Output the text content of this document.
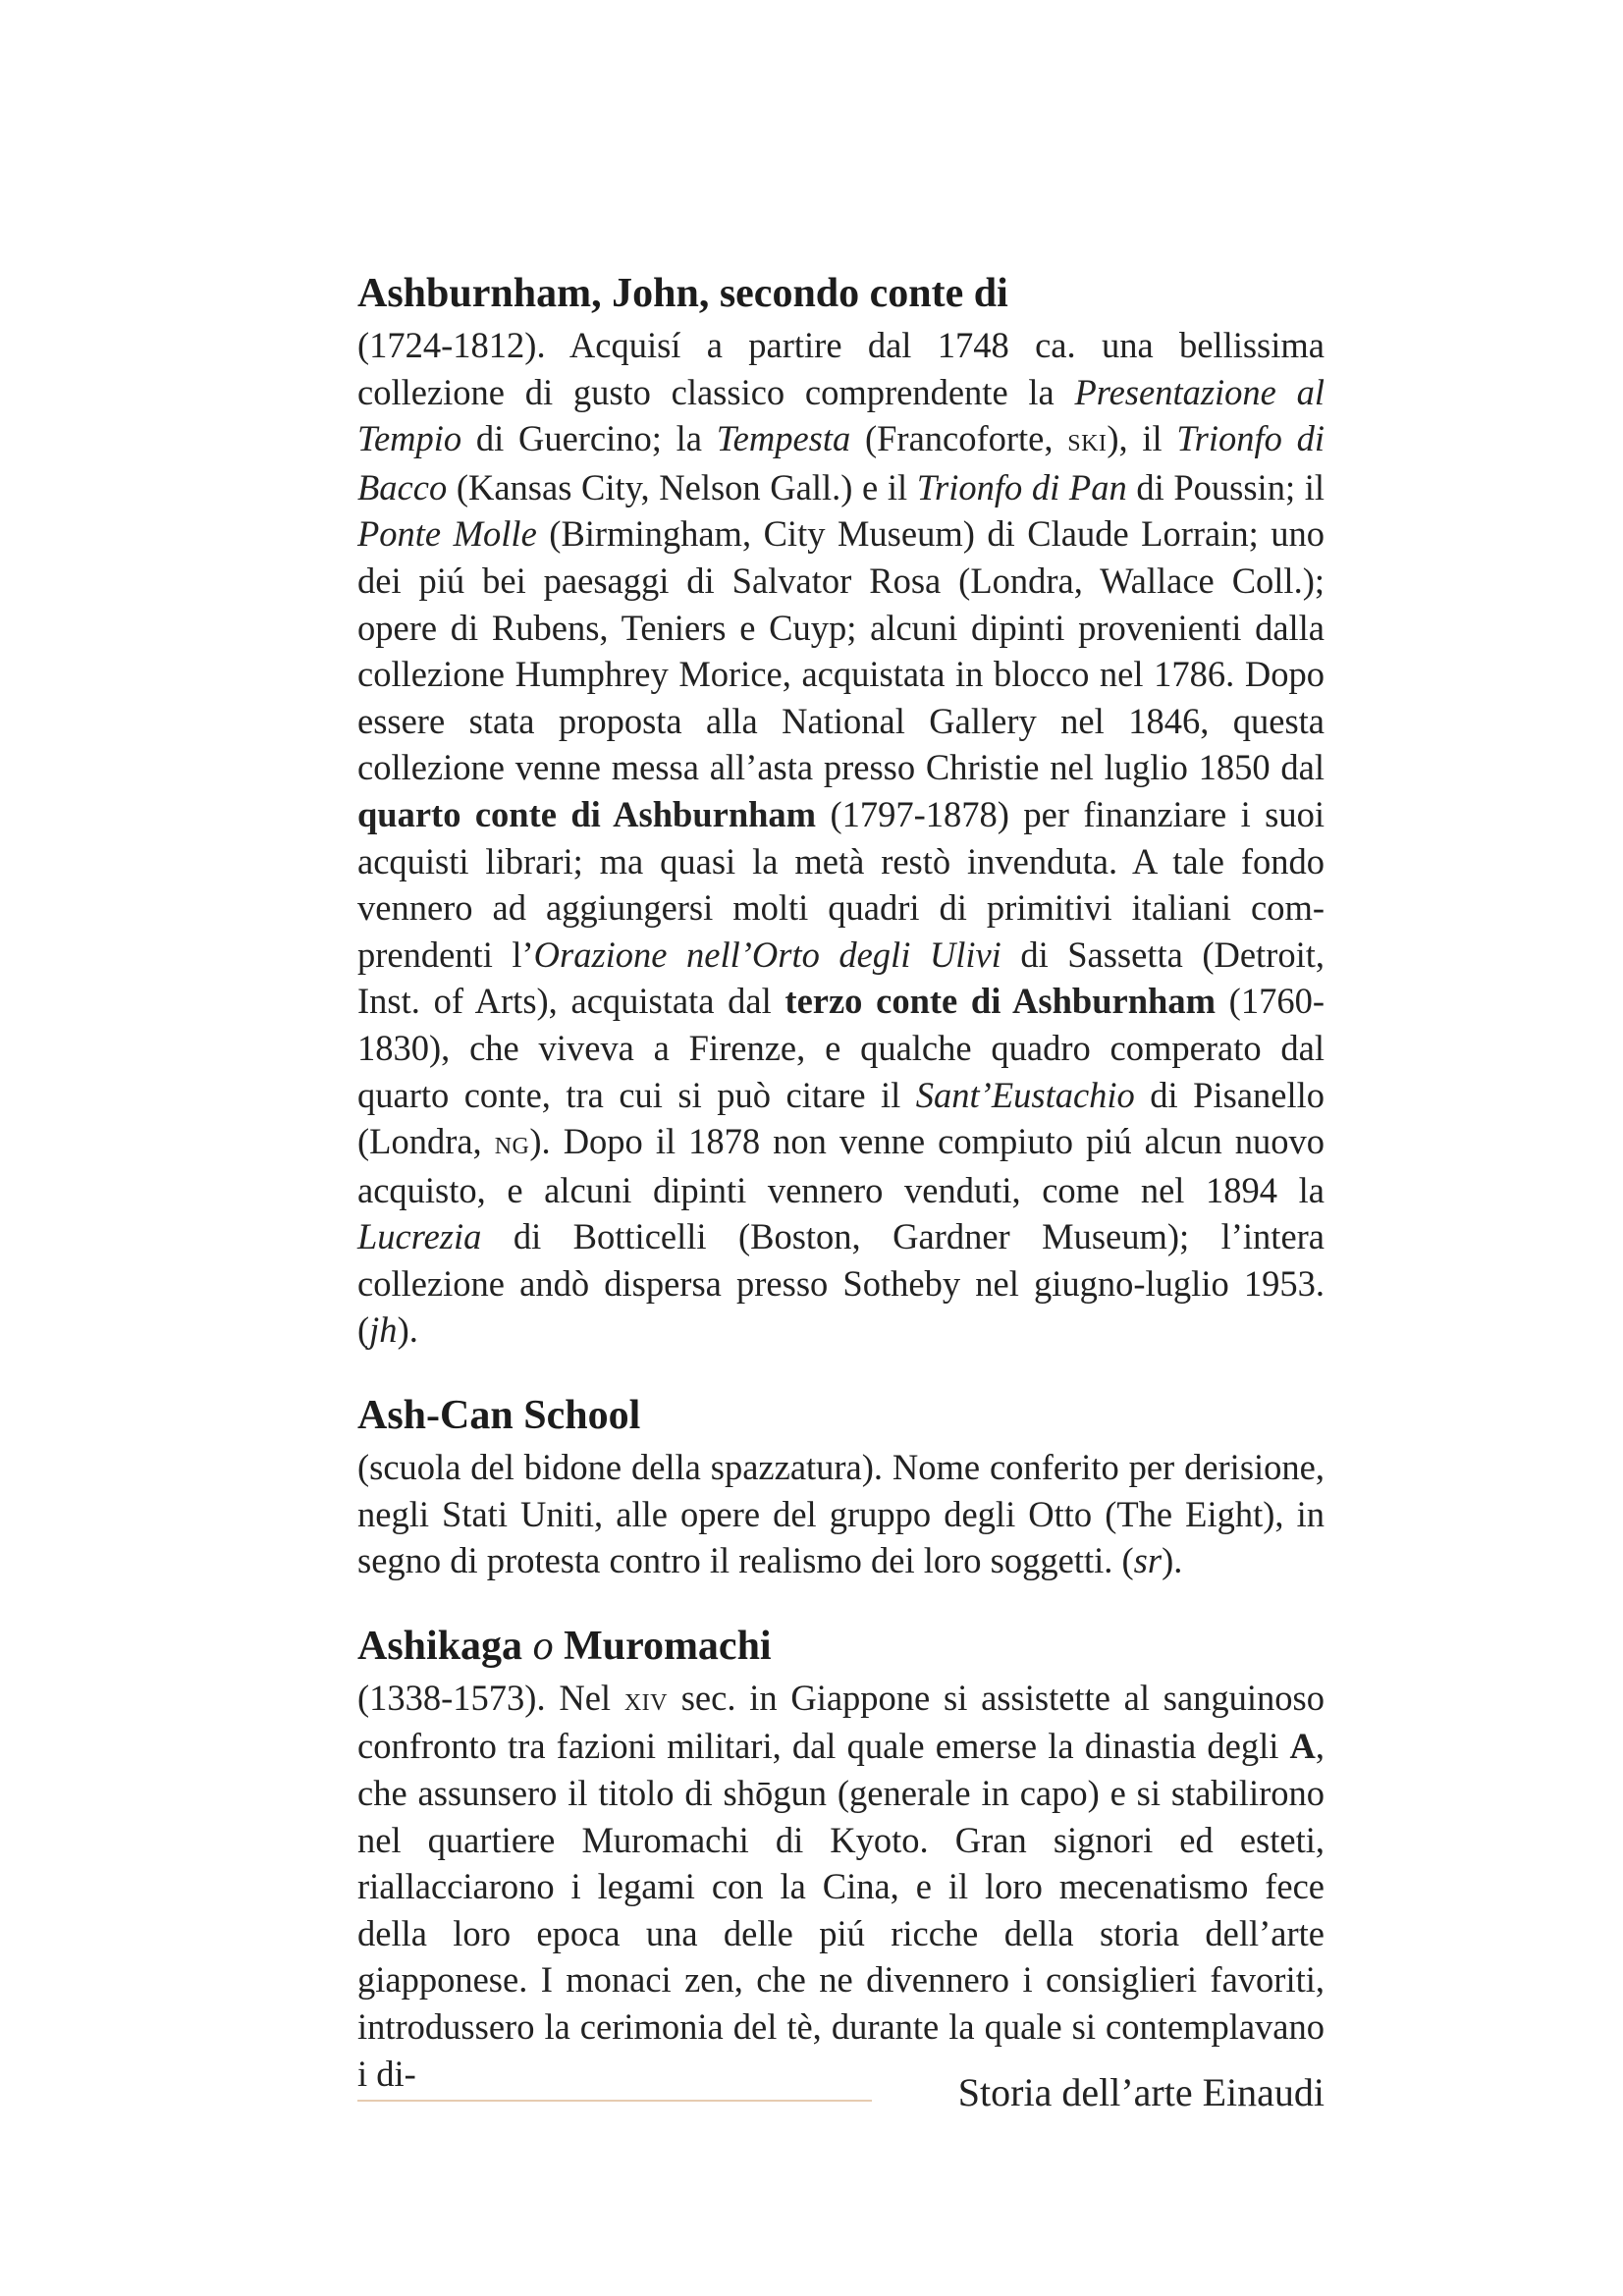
Ashburnham, John, secondo conte di

(1724-1812). Acquisí a partire dal 1748 ca. una bellissima collezione di gusto classico comprendente la Presentazione al Tempio di Guercino; la Tempesta (Francoforte, ski), il Trionfo di Bacco (Kansas City, Nelson Gall.) e il Trionfo di Pan di Poussin; il Ponte Molle (Birmingham, City Museum) di Claude Lorrain; uno dei piú bei paesaggi di Salvator Rosa (Londra, Wallace Coll.); opere di Rubens, Teniers e Cuyp; alcuni dipinti provenienti dalla collezione Humphrey Morice, acquistata in blocco nel 1786. Dopo essere stata proposta alla National Gallery nel 1846, questa collezione venne messa all’asta presso Christie nel luglio 1850 dal quarto conte di Ashburnham (1797-1878) per finanziare i suoi acquisti librari; ma quasi la metà restò invenduta. A tale fondo vennero ad aggiungersi molti quadri di primitivi italiani comprendenti l’Orazione nell’Orto degli Ulivi di Sassetta (Detroit, Inst. of Arts), acquistata dal terzo conte di Ashburnham (1760-1830), che viveva a Firenze, e qualche quadro comperato dal quarto conte, tra cui si può citare il Sant’Eustachio di Pisanello (Londra, ng). Dopo il 1878 non venne compiuto piú alcun nuovo acquisto, e alcuni dipinti vennero venduti, come nel 1894 la Lucrezia di Botticelli (Boston, Gardner Museum); l’intera collezione andò dispersa presso Sotheby nel giugno-luglio 1953. (jh).

Ash-Can School

(scuola del bidone della spazzatura). Nome conferito per derisione, negli Stati Uniti, alle opere del gruppo degli Otto (The Eight), in segno di protesta contro il realismo dei loro soggetti. (sr).

Ashikaga o Muromachi

(1338-1573). Nel xiv sec. in Giappone si assistette al sanguinoso confronto tra fazioni militari, dal quale emerse la dinastia degli A, che assunsero il titolo di shōgun (generale in capo) e si stabilirono nel quartiere Muromachi di Kyoto. Gran signori ed esteti, riallacciarono i legami con la Cina, e il loro mecenatismo fece della loro epoca una delle piú ricche della storia dell’arte giapponese. I monaci zen, che ne divennero i consiglieri favoriti, introdussero la cerimonia del tè, durante la quale si contemplavano i di-	Storia dell’arte Einaudi
